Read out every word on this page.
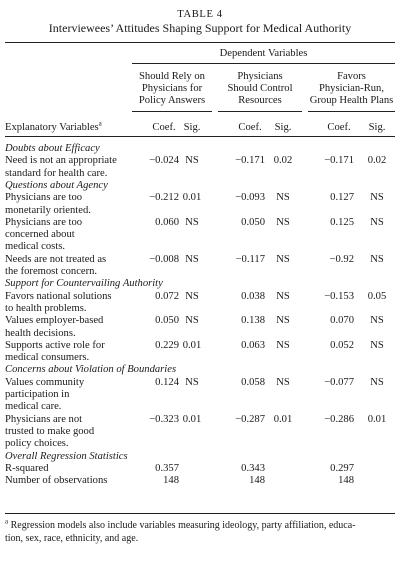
TABLE 4
Interviewees’ Attitudes Shaping Support for Medical Authority
Dependent Variables
Should Rely on
Physicians for
Policy Answers
Physicians
Should Control
Resources
Favors
Physician-Run,
Group Health Plans
Explanatory Variables$^a$	Coef. Sig.	Coef.	Sig.	Coef.	Sig.
Doubts about Efficacy
Need is not an appropriate
standard for health care.
−0.024 NS	−0.171 0.02	−0.171	0.02
Questions about Agency
Physicians are too
monetarily oriented.
−0.212 0.01	−0.093	NS	0.127	NS
Physicians are too
concerned about
medical costs.
0.060 NS	0.050	NS	0.125	NS
Needs are not treated as
the foremost concern.
−0.008 NS	−0.117	NS	−0.92	NS
Support for Countervailing Authority
Favors national solutions
to health problems.
0.072 NS	0.038	NS	−0.153	0.05
Values employer-based
health decisions.
0.050 NS	0.138	NS	0.070	NS
Supports active role for
medical consumers.
0.229 0.01	0.063	NS	0.052	NS
Concerns about Violation of Boundaries
Values community
participation in
medical care.
0.124 NS	0.058	NS	−0.077	NS
Physicians are not
trusted to make good
policy choices.
−0.323 0.01	−0.287 0.01	−0.286	0.01
Overall Regression Statistics
R-squared	0.357	0.343	0.297
Number of observations	148	148	148
$^a$ Regression models also include variables measuring ideology, party affiliation, educa-
tion, sex, race, ethnicity, and age.
